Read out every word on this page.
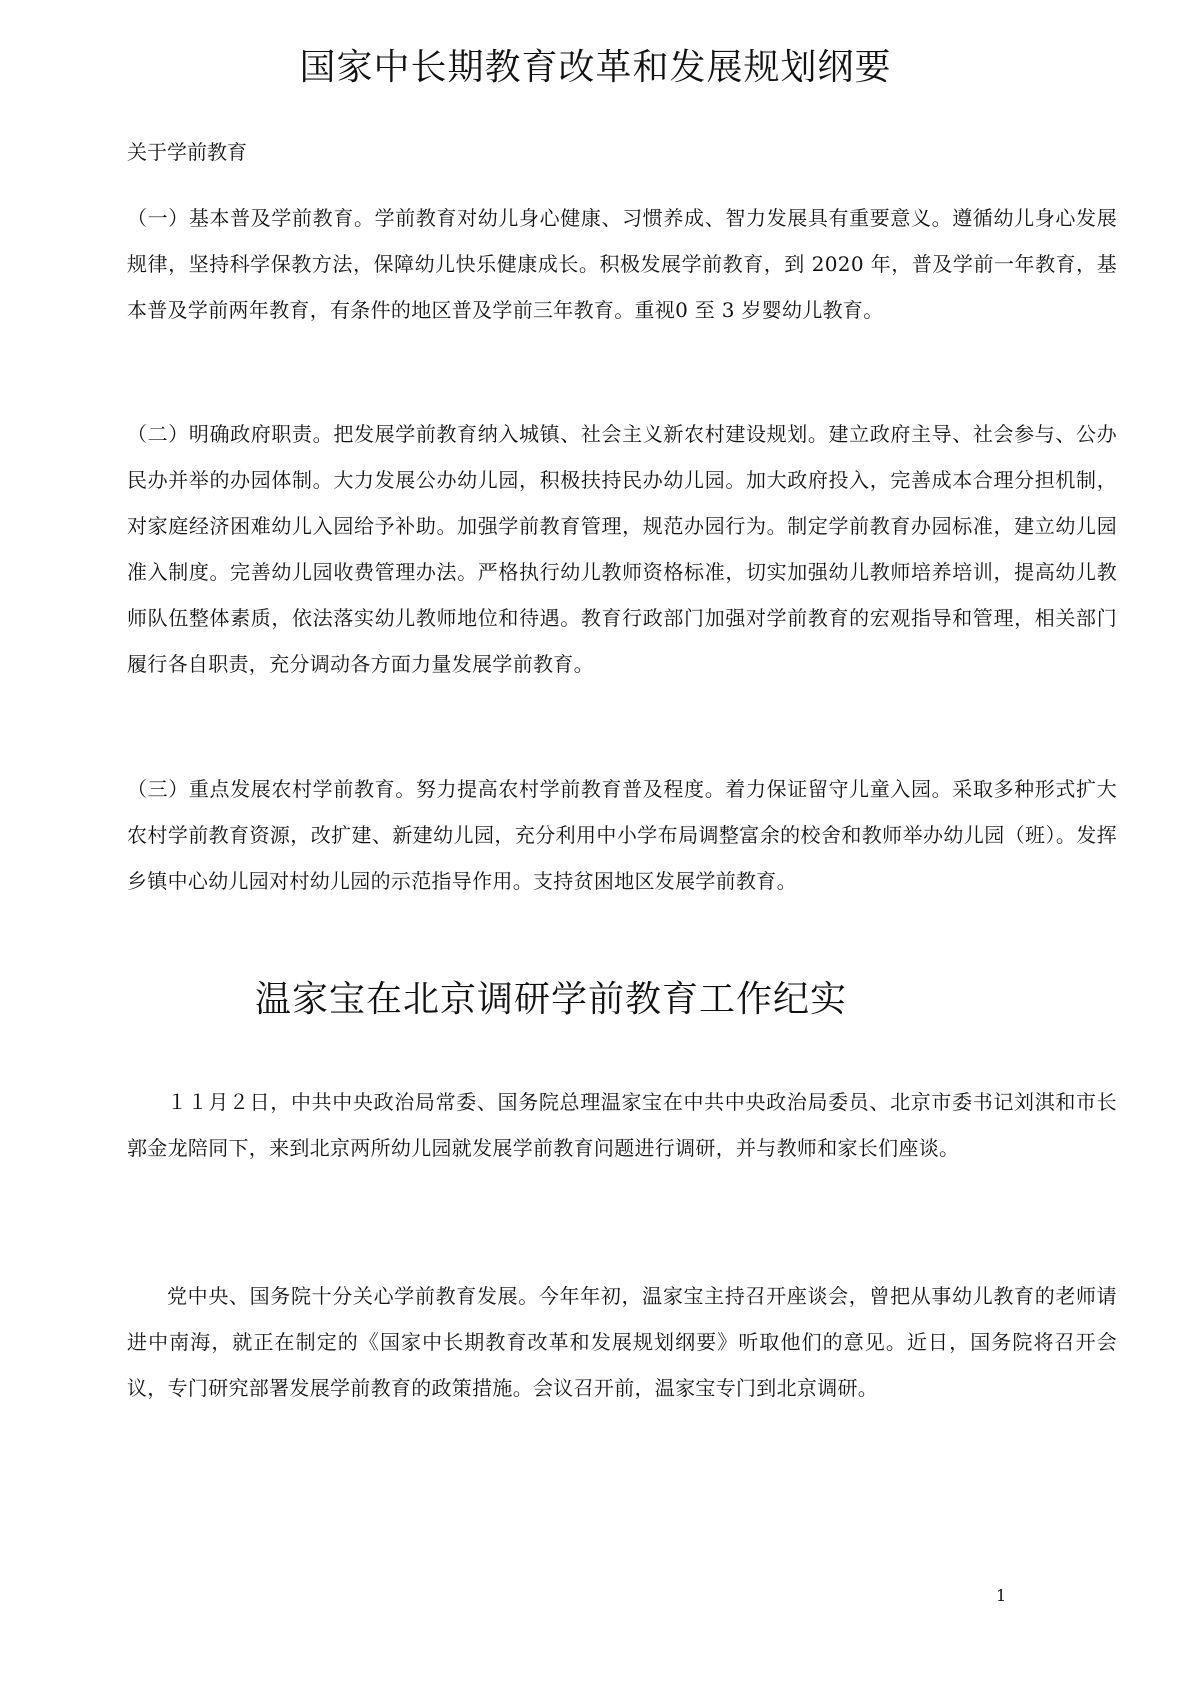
国家中长期教育改革和发展规划纲要

关于学前教育

（一）基本普及学前教育。学前教育对幼儿身心健康、习惯养成、智力发展具有重要意义。遵循幼儿身心发展规律，坚持科学保教方法，保障幼儿快乐健康成长。积极发展学前教育，到 2020 年，普及学前一年教育，基本普及学前两年教育，有条件的地区普及学前三年教育。重视0 至 3 岁婴幼儿教育。

（二）明确政府职责。把发展学前教育纳入城镇、社会主义新农村建设规划。建立政府主导、社会参与、公办民办并举的办园体制。大力发展公办幼儿园，积极扶持民办幼儿园。加大政府投入，完善成本合理分担机制，对家庭经济困难幼儿入园给予补助。加强学前教育管理，规范办园行为。制定学前教育办园标准，建立幼儿园准入制度。完善幼儿园收费管理办法。严格执行幼儿教师资格标准，切实加强幼儿教师培养培训，提高幼儿教师队伍整体素质，依法落实幼儿教师地位和待遇。教育行政部门加强对学前教育的宏观指导和管理，相关部门履行各自职责，充分调动各方面力量发展学前教育。

（三）重点发展农村学前教育。努力提高农村学前教育普及程度。着力保证留守儿童入园。采取多种形式扩大农村学前教育资源，改扩建、新建幼儿园，充分利用中小学布局调整富余的校舍和教师举办幼儿园（班）。发挥乡镇中心幼儿园对村幼儿园的示范指导作用。支持贫困地区发展学前教育。

温家宝在北京调研学前教育工作纪实

１１月２日，中共中央政治局常委、国务院总理温家宝在中共中央政治局委员、北京市委书记刘淇和市长郭金龙陪同下，来到北京两所幼儿园就发展学前教育问题进行调研，并与教师和家长们座谈。

党中央、国务院十分关心学前教育发展。今年年初，温家宝主持召开座谈会，曾把从事幼儿教育的老师请进中南海，就正在制定的《国家中长期教育改革和发展规划纲要》听取他们的意见。近日，国务院将召开会议，专门研究部署发展学前教育的政策措施。会议召开前，温家宝专门到北京调研。

1
